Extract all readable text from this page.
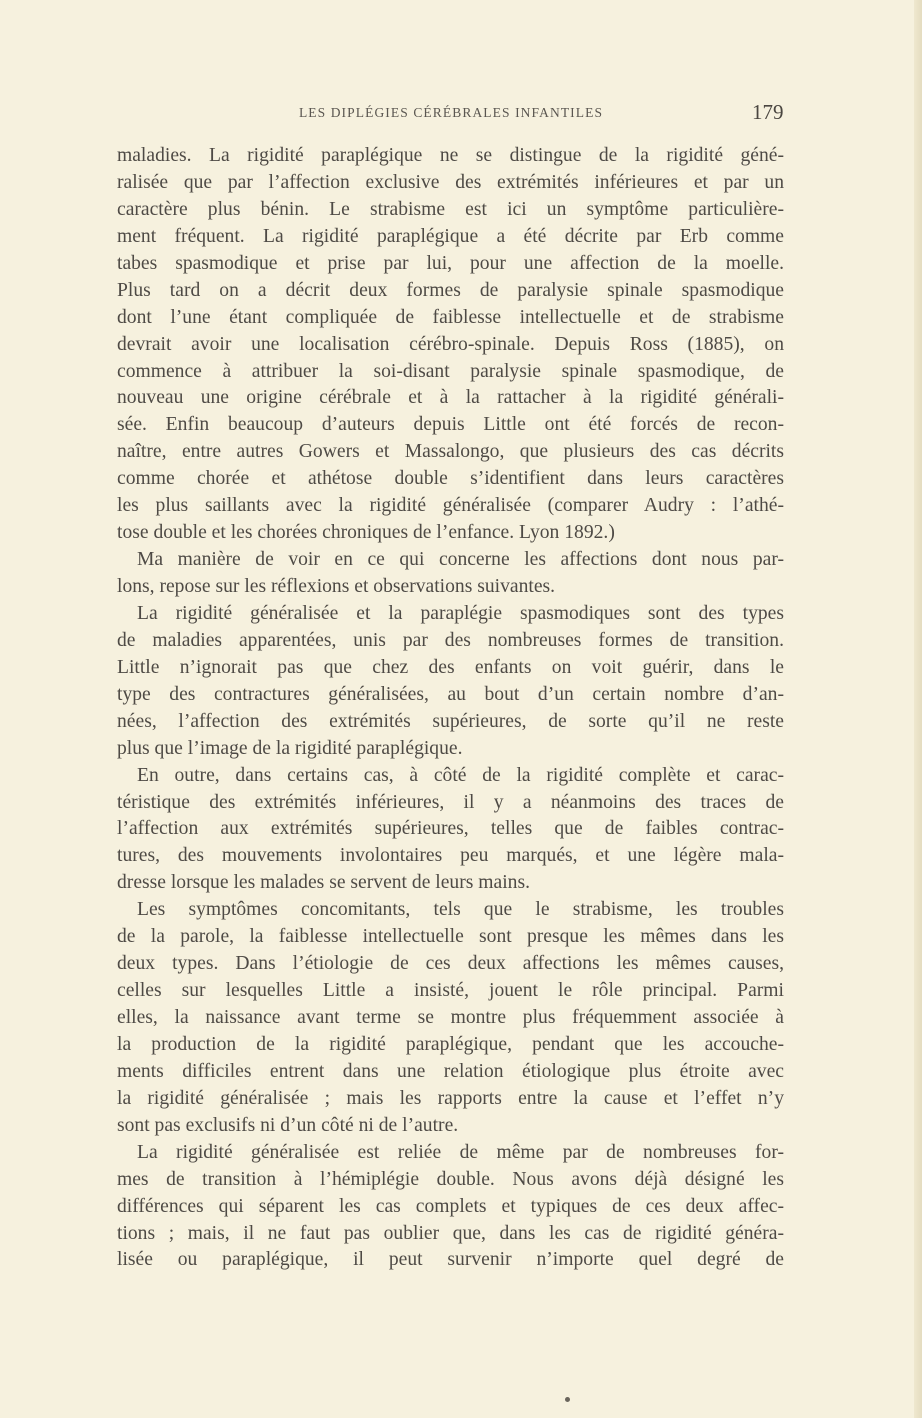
LES DIPLÉGIES CÉRÉBRALES INFANTILES	179
maladies. La rigidité paraplégique ne se distingue de la rigidité géné-
ralisée que par l’affection exclusive des extrémités inférieures et par un
caractère plus bénin. Le strabisme est ici un symptôme particulière-
ment fréquent. La rigidité paraplégique a été décrite par Erb comme
tabes spasmodique et prise par lui, pour une affection de la moelle.
Plus tard on a décrit deux formes de paralysie spinale spasmodique
dont l’une étant compliquée de faiblesse intellectuelle et de strabisme
devrait avoir une localisation cérébro-spinale. Depuis Ross (1885), on
commence à attribuer la soi-disant paralysie spinale spasmodique, de
nouveau une origine cérébrale et à la rattacher à la rigidité générali-
sée. Enfin beaucoup d’auteurs depuis Little ont été forcés de recon-
naître, entre autres Gowers et Massalongo, que plusieurs des cas décrits
comme chorée et athétose double s’identifient dans leurs caractères
les plus saillants avec la rigidité généralisée (comparer Audry : l’athé-
tose double et les chorées chroniques de l’enfance. Lyon 1892.)
Ma manière de voir en ce qui concerne les affections dont nous par-
lons, repose sur les réflexions et observations suivantes.
La rigidité généralisée et la paraplégie spasmodiques sont des types
de maladies apparentées, unis par des nombreuses formes de transition.
Little n’ignorait pas que chez des enfants on voit guérir, dans le
type des contractures généralisées, au bout d’un certain nombre d’an-
nées, l’affection des extrémités supérieures, de sorte qu’il ne reste
plus que l’image de la rigidité paraplégique.
En outre, dans certains cas, à côté de la rigidité complète et carac-
téristique des extrémités inférieures, il y a néanmoins des traces de
l’affection aux extrémités supérieures, telles que de faibles contrac-
tures, des mouvements involontaires peu marqués, et une légère mala-
dresse lorsque les malades se servent de leurs mains.
Les symptômes concomitants, tels que le strabisme, les troubles
de la parole, la faiblesse intellectuelle sont presque les mêmes dans les
deux types. Dans l’étiologie de ces deux affections les mêmes causes,
celles sur lesquelles Little a insisté, jouent le rôle principal. Parmi
elles, la naissance avant terme se montre plus fréquemment associée à
la production de la rigidité paraplégique, pendant que les accouche-
ments difficiles entrent dans une relation étiologique plus étroite avec
la rigidité généralisée ; mais les rapports entre la cause et l’effet n’y
sont pas exclusifs ni d’un côté ni de l’autre.
La rigidité généralisée est reliée de même par de nombreuses for-
mes de transition à l’hémiplégie double. Nous avons déjà désigné les
différences qui séparent les cas complets et typiques de ces deux affec-
tions ; mais, il ne faut pas oublier que, dans les cas de rigidité généra-
lisée ou paraplégique, il peut survenir n’importe quel degré de
